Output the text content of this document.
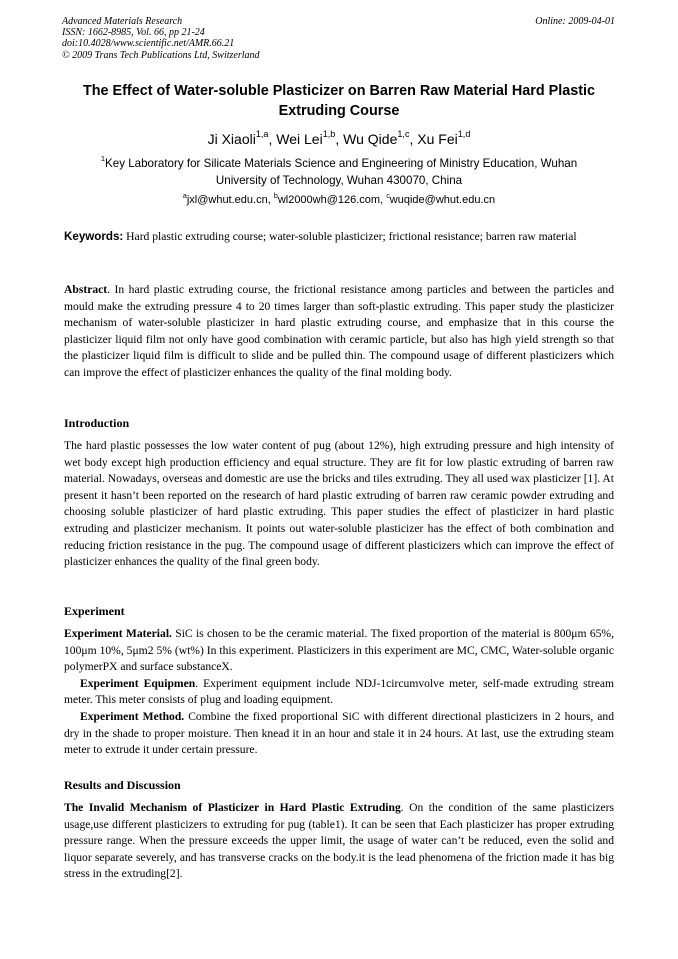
Advanced Materials Research
ISSN: 1662-8985, Vol. 66, pp 21-24
doi:10.4028/www.scientific.net/AMR.66.21
© 2009 Trans Tech Publications Ltd, Switzerland
Online: 2009-04-01
The Effect of Water-soluble Plasticizer on Barren Raw Material Hard Plastic Extruding Course
Ji Xiaoli$^{1,a}$, Wei Lei$^{1,b}$, Wu Qide$^{1,c}$, Xu Fei$^{1,d}$
$^1$Key Laboratory for Silicate Materials Science and Engineering of Ministry Education, Wuhan
University of Technology, Wuhan 430070, China
$^a$jxl@whut.edu.cn, $^b$wl2000wh@126.com, $^c$wuqide@whut.edu.cn
Keywords: Hard plastic extruding course; water-soluble plasticizer; frictional resistance; barren raw material
Abstract. In hard plastic extruding course, the frictional resistance among particles and between the particles and mould make the extruding pressure 4 to 20 times larger than soft-plastic extruding. This paper study the plasticizer mechanism of water-soluble plasticizer in hard plastic extruding course, and emphasize that in this course the plasticizer liquid film not only have good combination with ceramic particle, but also has high yield strength so that the plasticizer liquid film is difficult to slide and be pulled thin. The compound usage of different plasticizers which can improve the effect of plasticizer enhances the quality of the final molding body.
Introduction
The hard plastic possesses the low water content of pug (about 12%), high extruding pressure and high intensity of wet body except high production efficiency and equal structure. They are fit for low plastic extruding of barren raw material. Nowadays, overseas and domestic are use the bricks and tiles extruding. They all used wax plasticizer [1]. At present it hasn’t been reported on the research of hard plastic extruding of barren raw ceramic powder extruding and choosing soluble plasticizer of hard plastic extruding. This paper studies the effect of plasticizer in hard plastic extruding and plasticizer mechanism. It points out water-soluble plasticizer has the effect of both combination and reducing friction resistance in the pug. The compound usage of different plasticizers which can improve the effect of plasticizer enhances the quality of the final green body.
Experiment

Experiment Material. SiC is chosen to be the ceramic material. The fixed proportion of the material is 800μm 65%, 100μm 10%, 5μm2 5% (wt%) In this experiment. Plasticizers in this experiment are MC, CMC, Water-soluble organic polymerPX and surface substanceX.

Experiment Equipmen. Experiment equipment include NDJ-1circumvolve meter, self-made extruding stream meter. This meter consists of plug and loading equipment.

Experiment Method. Combine the fixed proportional SiC with different directional plasticizers in 2 hours, and dry in the shade to proper moisture. Then knead it in an hour and stale it in 24 hours. At last, use the extruding steam meter to extrude it under certain pressure.

Results and Discussion
The Invalid Mechanism of Plasticizer in Hard Plastic Extruding. On the condition of the same plasticizers usage,use different plasticizers to extruding for pug (table1). It can be seen that Each plasticizer has proper extruding pressure range. When the pressure exceeds the upper limit, the usage of water can’t be reduced, even the solid and liquor separate severely, and has transverse cracks on the body.it is the lead phenomena of the friction made it has big stress in the extruding[2].
